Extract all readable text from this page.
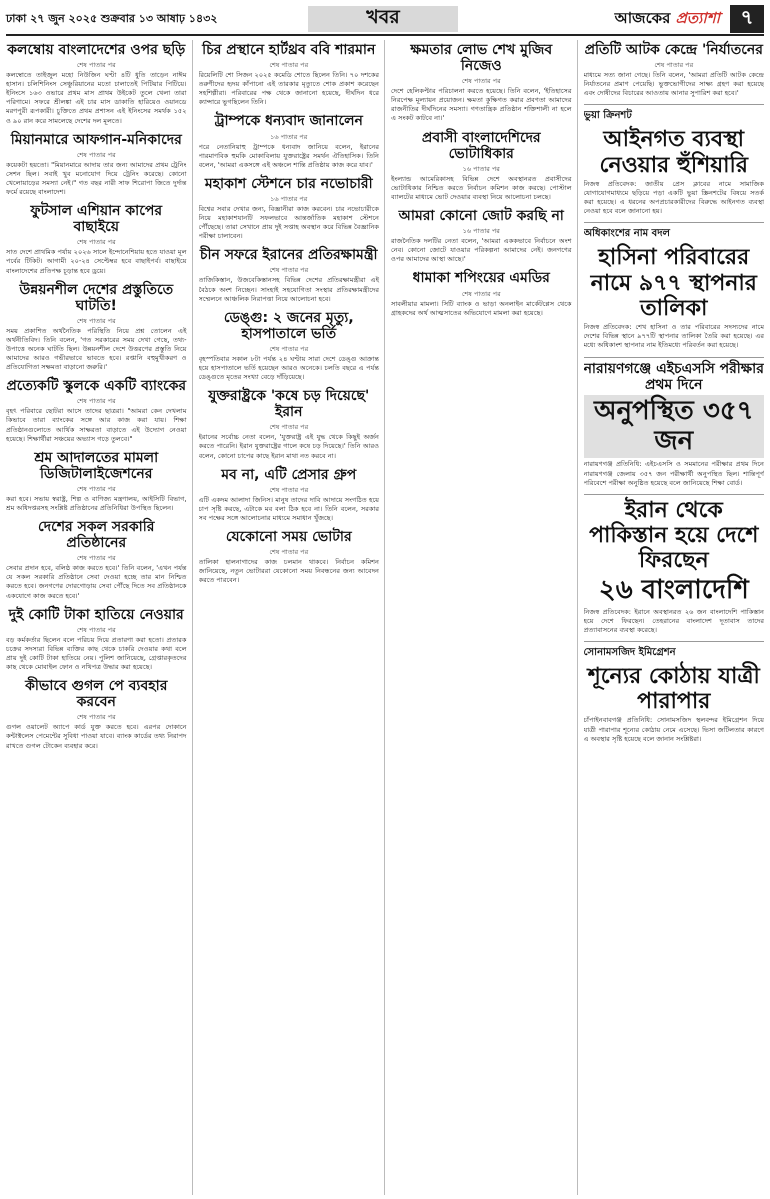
ঢাকা ২৭ জুন ২০২৫ শুক্রবার ১৩ আষাঢ় ১৪৩২	খবর	আজকের প্রত্যাশা	৭
কলম্বোয় বাংলাদেশের ওপর ছড়ি

শেষ পাতার পর

কলম্বোতে তাইজুল মহো নিউজিন ঘণ্টা ৪টি ধুতি তাড়েন নাঈম হাসান। চলিশিনিংস সেঞ্চুরিয়ানের মতো চালাতেই পিটিয়ার পিটিয়ে। ইনিংসে ১৬৩ ওভারে প্রথম মাস প্রাথম উইকেট তুলে খেলা তারা পরিণামে। সফরে শ্রীলঙ্কা এই চার মাস ডাকাতি হারিয়েও ওয়ানডে মরণপুরী রূপকারী। চুক্তিতে প্রথম প্রশাসন এই ইনিংসের সমর্থক ১৫২ ও ৯০ রান করে সামলেছে দেশের দল মূলতে।

মিয়ানমারে আফগান-মনিকাদের

শেষ পাতার পর

কয়েকটা হয়তো। "মিয়ানমারে আদায় তার জন্য আমাদের প্রথম ট্রেনিং সেশন ছিল। সবাই খুব মনোযোগ দিয়ে ট্রেনিং করেছে। কোনো খেলোয়াড়ের সমস্যা নেই।" গত বছর নারী সাফ শিরোপা জিতে দুর্দান্ত ফর্মে রয়েছে বাংলাদেশ।

ফুটসাল এশিয়ান কাপের বাছাইয়ে

শেষ পাতার পর

সাত দেশে প্রাথমিক পর্যায় ২০২৬ সালে ইন্দোনেশিয়ায় হতে যাওয়া মূল পর্বের টিকিট। আগামী ২০-২৪ সেপ্টেম্বর হবে বাছাইপর্ব। বাছাইয়ে বাংলাদেশের প্রতিপক্ষ চূড়ান্ত হবে ড্রয়ে।

উন্নয়নশীল দেশের প্রস্তুতিতে ঘাটতি!

শেষ পাতার পর

সময় প্রকাশিত অর্থনৈতিক পরিস্থিতি নিয়ে প্রশ্ন তোলেন এই অর্থনীতিবিদ। তিনি বলেন, 'গত সরকারের সময় দেখা গেছে, তথ্য-উপাত্তে অনেক ঘাটতি ছিল। উন্নয়নশীল দেশে উত্তরণের প্রস্তুতি নিয়ে আমাদের আরও গভীরভাবে ভাবতে হবে। রপ্তানি বহুমুখীকরণ ও প্রতিযোগিতা সক্ষমতা বাড়ানো জরুরি।'

প্রত্যেকটি স্কুলকে একটি ব্যাংকের

শেষ পাতার পর

বৃহৎ পরিবারে ছোটরা আসে তাদের ছাত্ররা। "আমরা কেন দেখলাম কিভাবে তারা ব্যাংকের সঙ্গে আর কাজ করা যায়। শিক্ষা প্রতিষ্ঠানগুলোতে আর্থিক সাক্ষরতা বাড়াতে এই উদ্যোগ নেওয়া হয়েছে। শিক্ষার্থীরা সঞ্চয়ের অভ্যাস গড়ে তুলবে।"

শ্রম আদালতের মামলা ডিজিটালাইজেশনের

শেষ পাতার পর

করা হবে। সভায় স্বরাষ্ট্র, শিল্প ও বাণিজ্য মন্ত্রণালয়, আইসিটি বিভাগ, শ্রম অধিদপ্তরসহ সংশ্লিষ্ট প্রতিষ্ঠানের প্রতিনিধিরা উপস্থিত ছিলেন।

দেশের সকল সরকারি প্রতিষ্ঠানের

শেষ পাতার পর

সেবার প্রদান হবে, বলিষ্ঠ কাজ করতে হবে।' তিনি বলেন, 'এখন পর্যন্ত যে সকল সরকারি প্রতিষ্ঠানে সেবা দেওয়া হচ্ছে তার মান নিশ্চিত করতে হবে। জনগণের দোরগোড়ায় সেবা পৌঁছে দিতে সব প্রতিষ্ঠানকে একযোগে কাজ করতে হবে।'

দুই কোটি টাকা হাতিয়ে নেওয়ার

শেষ পাতার পর

বড় কর্মকর্তার ছিলেন বলে পরিচয় দিয়ে প্রতারণা করা হতো। প্রতারক চক্রের সদস্যরা বিভিন্ন ব্যক্তির কাছ থেকে চাকরি দেওয়ার কথা বলে প্রায় দুই কোটি টাকা হাতিয়ে নেয়। পুলিশ জানিয়েছে, গ্রেপ্তারকৃতদের কাছ থেকে মোবাইল ফোন ও নথিপত্র উদ্ধার করা হয়েছে।

কীভাবে গুগল পে ব্যবহার করবেন

শেষ পাতার পর

গুগল ওয়ালেট অ্যাপে কার্ড যুক্ত করতে হবে। এরপর দোকানে কন্টাক্টলেস পেমেন্টের সুবিধা পাওয়া যাবে। ব্যাংক কার্ডের তথ্য নিরাপদ রাখতে গুগল টোকেন ব্যবহার করে।

চির প্রস্থানে হার্টথ্রব ববি শারমান

শেষ পাতার পর

রিয়েলিটি শো সিজন ২০২৫ কমেডি শোতে ছিলেন তিনি। ৭০ দশকের তরুণীদের হৃদয় কাঁপানো এই তারকার মৃত্যুতে শোক প্রকাশ করেছেন সহশিল্পীরা। পরিবারের পক্ষ থেকে জানানো হয়েছে, দীর্ঘদিন ধরে ক্যান্সারে ভুগছিলেন তিনি।

ট্রাম্পকে ধন্যবাদ জানালেন

১৬ পাতার পর

পরে নেতানিয়াহু ট্রাম্পকে ধন্যবাদ জানিয়ে বলেন, ইরানের পারমাণবিক হুমকি মোকাবিলায় যুক্তরাষ্ট্রের সমর্থন ঐতিহাসিক। তিনি বলেন, 'আমরা একসঙ্গে এই অঞ্চলে শান্তি প্রতিষ্ঠায় কাজ করে যাব।'

মহাকাশ স্টেশনে চার নভোচারী

১৬ পাতার পর

বিশ্বের সবার দেখার জন্য, বিজ্ঞানীরা কাজ করবেন। চার নভোচারীকে নিয়ে মহাকাশযানটি সফলভাবে আন্তর্জাতিক মহাকাশ স্টেশনে পৌঁছেছে। তারা সেখানে প্রায় দুই সপ্তাহ অবস্থান করে বিভিন্ন বৈজ্ঞানিক পরীক্ষা চালাবেন।

চীন সফরে ইরানের প্রতিরক্ষামন্ত্রী

শেষ পাতার পর

তাজিকিস্তান, উজবেকিস্তানসহ বিভিন্ন দেশের প্রতিরক্ষামন্ত্রীরা এই বৈঠকে অংশ নিচ্ছেন। সাংহাই সহযোগিতা সংস্থার প্রতিরক্ষামন্ত্রীদের সম্মেলনে আঞ্চলিক নিরাপত্তা নিয়ে আলোচনা হবে।

ডেঙ্গু: ২ জনের মৃত্যু, হাসপাতালে ভর্তি

শেষ পাতার পর

বৃহস্পতিবার সকাল ৮টা পর্যন্ত ২৪ ঘণ্টায় সারা দেশে ডেঙ্গু আক্রান্ত হয়ে হাসপাতালে ভর্তি হয়েছেন আরও অনেকে। চলতি বছরে এ পর্যন্ত ডেঙ্গুতে মৃতের সংখ্যা বেড়ে দাঁড়িয়েছে।

যুক্তরাষ্ট্রকে 'কষে চড় দিয়েছে' ইরান

শেষ পাতার পর

ইরানের সর্বোচ্চ নেতা বলেন, 'যুক্তরাষ্ট্র এই যুদ্ধ থেকে কিছুই অর্জন করতে পারেনি। ইরান যুক্তরাষ্ট্রের গালে কষে চড় দিয়েছে।' তিনি আরও বলেন, কোনো চাপের কাছে ইরান মাথা নত করবে না।

মব না, এটি প্রেসার গ্রুপ

শেষ পাতার পর

এটি একদম আলাদা জিনিস। মানুষ তাদের দাবি আদায়ে সংগঠিত হয়ে চাপ সৃষ্টি করছে, এটাকে মব বলা ঠিক হবে না। তিনি বলেন, সরকার সব পক্ষের সঙ্গে আলোচনার মাধ্যমে সমাধান খুঁজছে।

যেকোনো সময় ভোটার

শেষ পাতার পর

তালিকা হালনাগাদের কাজ চলমান থাকবে। নির্বাচন কমিশন জানিয়েছে, নতুন ভোটাররা যেকোনো সময় নিবন্ধনের জন্য আবেদন করতে পারবেন।

ক্ষমতার লোভ শেখ মুজিব নিজেও

শেষ পাতার পর

দেশে হেলিকপ্টার পরিচালনা করতে হয়েছে। তিনি বলেন, 'ইতিহাসের নিরপেক্ষ মূল্যায়ন প্রয়োজন। ক্ষমতা কুক্ষিগত করার প্রবণতা আমাদের রাজনীতির দীর্ঘদিনের সমস্যা। গণতান্ত্রিক প্রতিষ্ঠান শক্তিশালী না হলে এ সংকট কাটবে না।'

প্রবাসী বাংলাদেশিদের ভোটাধিকার

১৬ পাতার পর

ইংল্যান্ড আমেরিকাসহ বিভিন্ন দেশে অবস্থানরত প্রবাসীদের ভোটাধিকার নিশ্চিত করতে নির্বাচন কমিশন কাজ করছে। পোস্টাল ব্যালটের মাধ্যমে ভোট দেওয়ার ব্যবস্থা নিয়ে আলোচনা চলছে।

আমরা কোনো জোট করছি না

১৬ পাতার পর

রাজনৈতিক দলটির নেতা বলেন, 'আমরা এককভাবে নির্বাচনে অংশ নেব। কোনো জোটে যাওয়ার পরিকল্পনা আমাদের নেই। জনগণের ওপর আমাদের আস্থা আছে।'

ধামাকা শপিংয়ের এমডির

শেষ পাতার পর

সাবলীয়ার মামলা। সিটি ব্যাংক ও ভাড়া অনলাইন মার্কেটপ্লেস থেকে গ্রাহকদের অর্থ আত্মসাতের অভিযোগে মামলা করা হয়েছে।

প্রতিটি আটক কেন্দ্রে 'নির্যাতনের

শেষ পাতার পর

মাধ্যমে সত্য জানা গেছে। তিনি বলেন, 'আমরা প্রতিটি আটক কেন্দ্রে নির্যাতনের প্রমাণ পেয়েছি। ভুক্তভোগীদের সাক্ষ্য গ্রহণ করা হয়েছে এবং দোষীদের বিচারের আওতায় আনার সুপারিশ করা হবে।'

ভুয়া ক্রিনশট
আইনগত ব্যবস্থা নেওয়ার হুঁশিয়ারি

নিজস্ব প্রতিবেদক: জাতীয় প্রেস ক্লাবের নামে সামাজিক যোগাযোগমাধ্যমে ছড়িয়ে পড়া একটি ভুয়া স্ক্রিনশটের বিষয়ে সতর্ক করা হয়েছে। এ ধরনের অপপ্রচারকারীদের বিরুদ্ধে আইনগত ব্যবস্থা নেওয়া হবে বলে জানানো হয়।

অধিকাংশের নাম বদল
হাসিনা পরিবারের নামে ৯৭৭ স্থাপনার তালিকা

নিজস্ব প্রতিবেদক: শেখ হাসিনা ও তার পরিবারের সদস্যদের নামে দেশের বিভিন্ন স্থানে ৯৭৭টি স্থাপনার তালিকা তৈরি করা হয়েছে। এর মধ্যে অধিকাংশ স্থাপনার নাম ইতিমধ্যে পরিবর্তন করা হয়েছে।

নারায়ণগঞ্জে এইচএসসি পরীক্ষার প্রথম দিনে
অনুপস্থিত ৩৫৭ জন

নারায়ণগঞ্জ প্রতিনিধি: এইচএসসি ও সমমানের পরীক্ষার প্রথম দিনে নারায়ণগঞ্জ জেলায় ৩৫৭ জন পরীক্ষার্থী অনুপস্থিত ছিল। শান্তিপূর্ণ পরিবেশে পরীক্ষা অনুষ্ঠিত হয়েছে বলে জানিয়েছে শিক্ষা বোর্ড।

ইরান থেকে পাকিস্তান হয়ে দেশে ফিরছেন
২৬ বাংলাদেশি

নিজস্ব প্রতিবেদক: ইরানে অবস্থানরত ২৬ জন বাংলাদেশি পাকিস্তান হয়ে দেশে ফিরছেন। তেহরানের বাংলাদেশ দূতাবাস তাদের প্রত্যাবাসনের ব্যবস্থা করেছে।

সোনামসজিদ ইমিগ্রেশন
শূন্যের কোঠায় যাত্রী পারাপার

চাঁপাইনবাবগঞ্জ প্রতিনিধি: সোনামসজিদ স্থলবন্দর ইমিগ্রেশন দিয়ে যাত্রী পারাপার শূন্যের কোঠায় নেমে এসেছে। ভিসা জটিলতার কারণে এ অবস্থার সৃষ্টি হয়েছে বলে জানান সংশ্লিষ্টরা।
